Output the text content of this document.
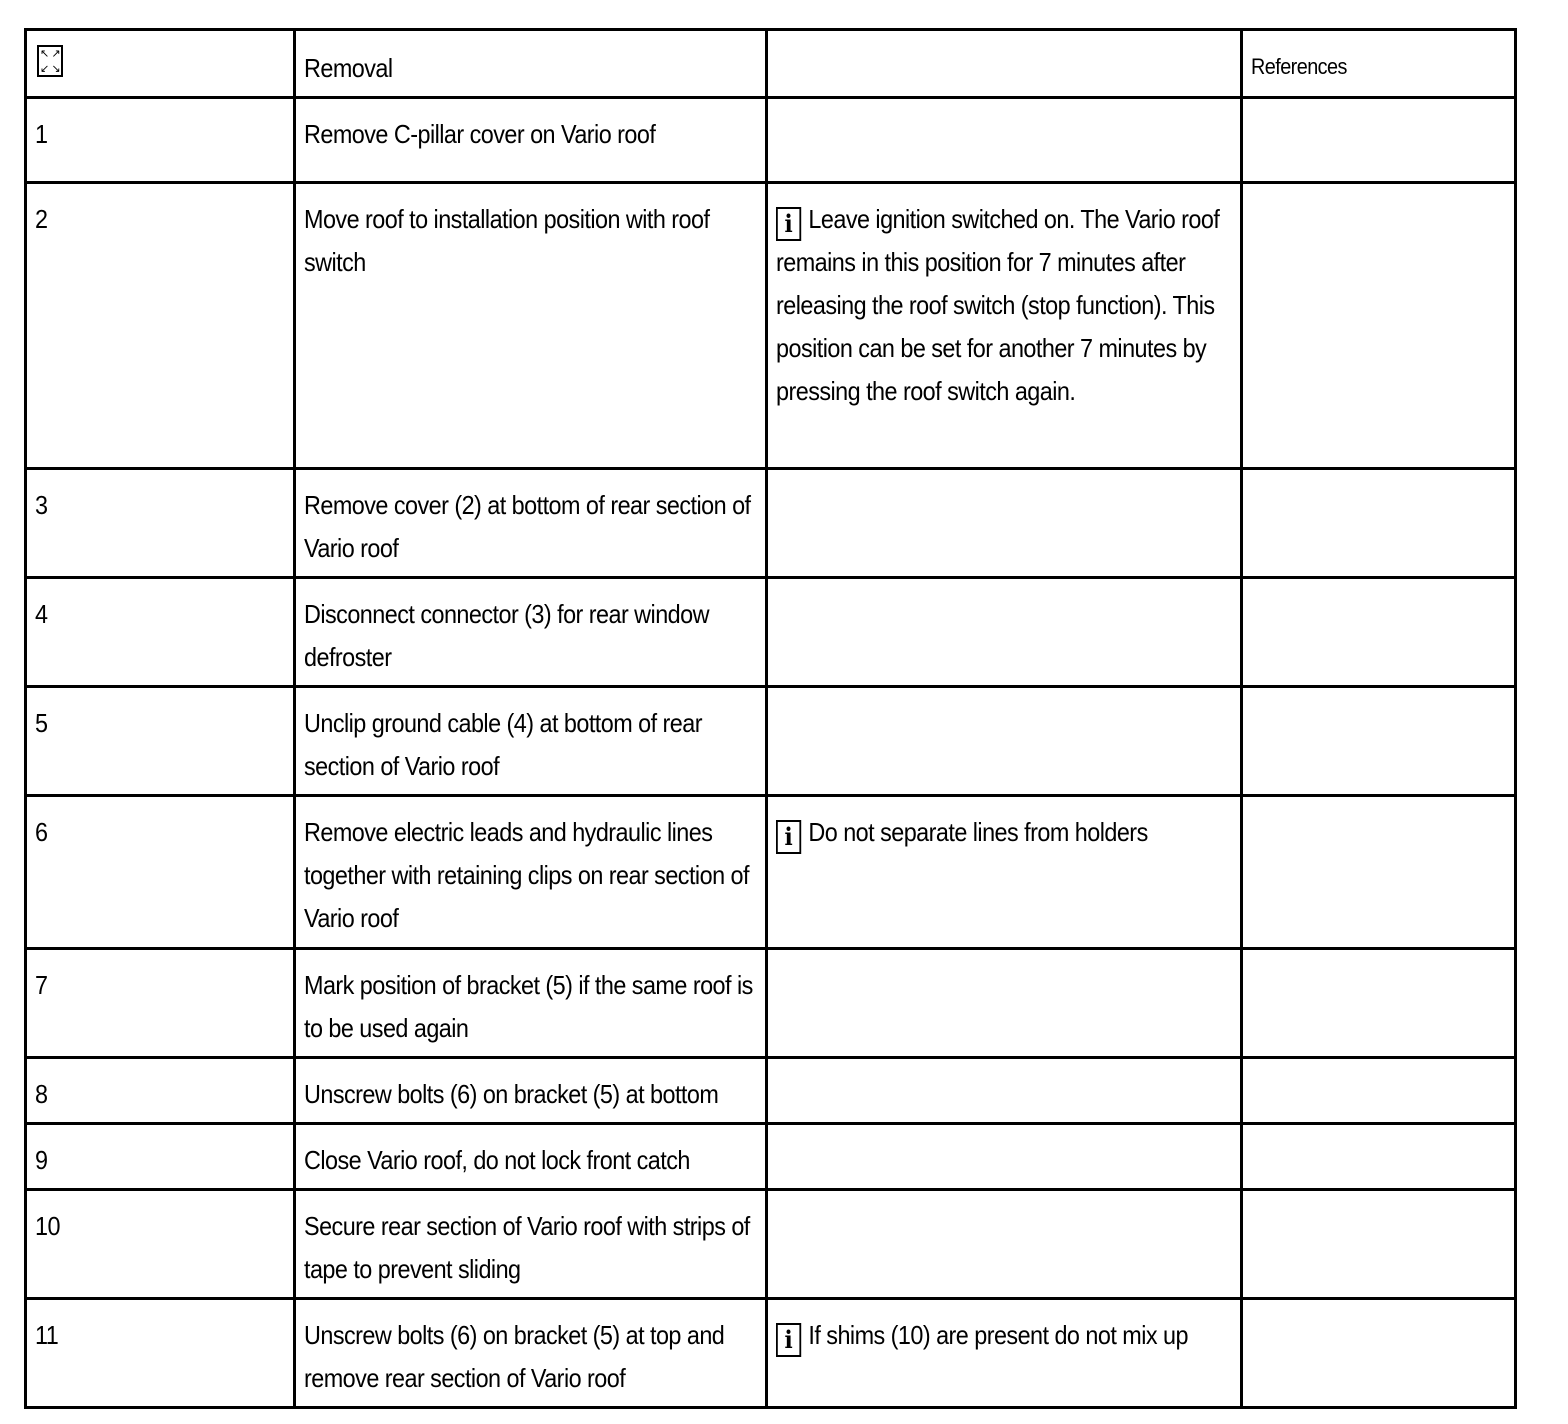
↖ ↗
↙ ↘	Removal		References
1	Remove C-pillar cover on Vario roof		
2	Move roof to installation position with roof switch	i Leave ignition switched on. The Vario roof remains in this position for 7 minutes after releasing the roof switch (stop function). This position can be set for another 7 minutes by pressing the roof switch again.	
3	Remove cover (2) at bottom of rear section of Vario roof		
4	Disconnect connector (3) for rear window defroster		
5	Unclip ground cable (4) at bottom of rear section of Vario roof		
6	Remove electric leads and hydraulic lines together with retaining clips on rear section of Vario roof	i Do not separate lines from holders	
7	Mark position of bracket (5) if the same roof is to be used again		
8	Unscrew bolts (6) on bracket (5) at bottom		
9	Close Vario roof, do not lock front catch		
10	Secure rear section of Vario roof with strips of tape to prevent sliding		
11	Unscrew bolts (6) on bracket (5) at top and remove rear section of Vario roof	i If shims (10) are present do not mix up	
